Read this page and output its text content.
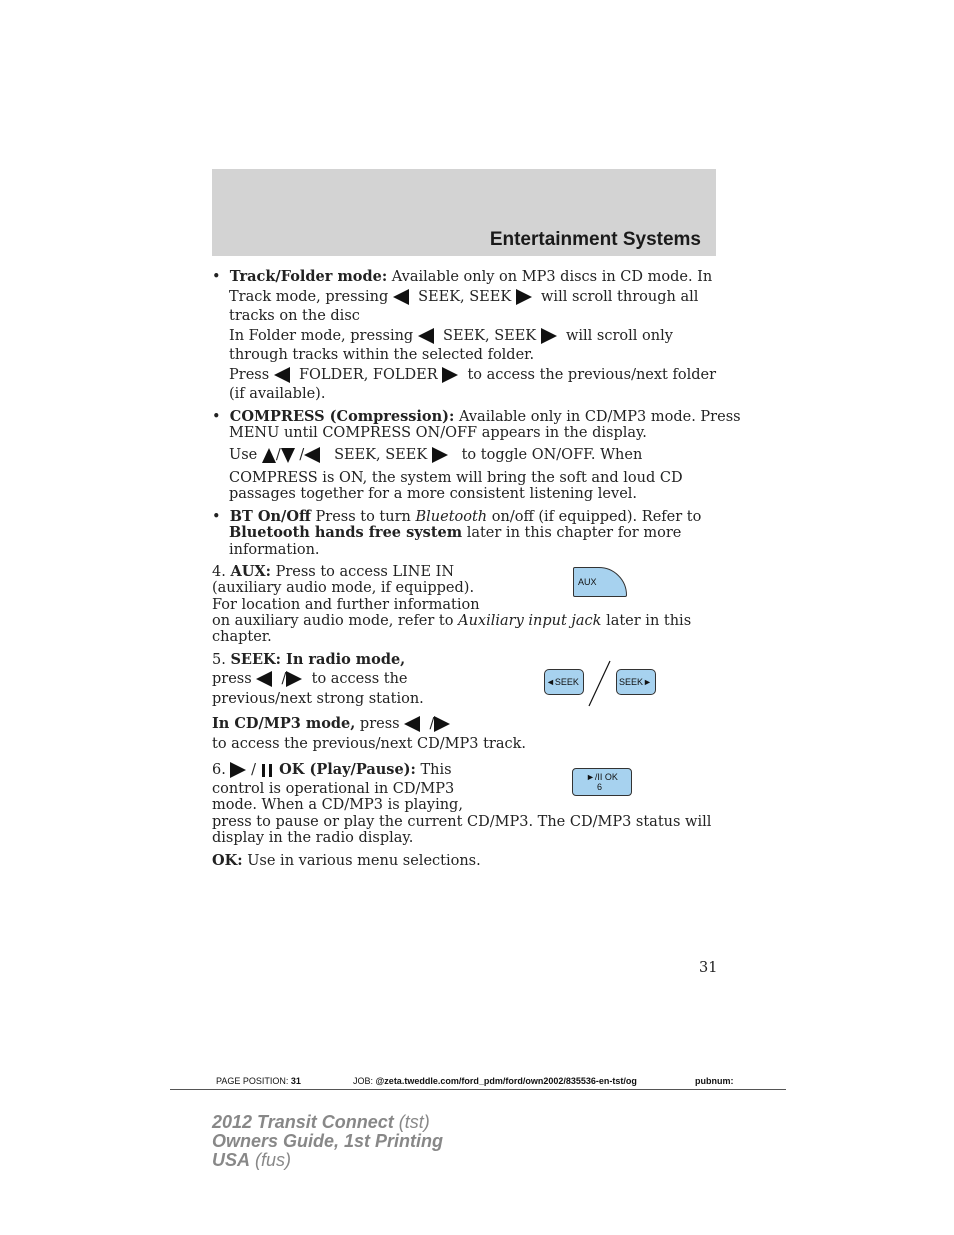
Entertainment Systems
•  Track/Folder mode: Available only on MP3 discs in CD mode. In
Track mode, pressing SEEK, SEEK will scroll through all
tracks on the disc
In Folder mode, pressing SEEK, SEEK will scroll only
through tracks within the selected folder.
Press FOLDER, FOLDER to access the previous/next folder
(if available).
•  COMPRESS (Compression): Available only in CD/MP3 mode. Press
MENU until COMPRESS ON/OFF appears in the display.
Use / / SEEK, SEEK to toggle ON/OFF. When
COMPRESS is ON, the system will bring the soft and loud CD
passages together for a more consistent listening level.
•  BT On/Off Press to turn Bluetooth on/off (if equipped). Refer to
Bluetooth hands free system later in this chapter for more
information.
4. AUX: Press to access LINE IN
(auxiliary audio mode, if equipped).
For location and further information
on auxiliary audio mode, refer to Auxiliary input jack later in this
chapter.
AUX
5. SEEK: In radio mode,
press / to access the
previous/next strong station.
In CD/MP3 mode, press /
to access the previous/next CD/MP3 track.
◄SEEK	SEEK►
6. / OK (Play/Pause): This
control is operational in CD/MP3
mode. When a CD/MP3 is playing,
press to pause or play the current CD/MP3. The CD/MP3 status will
display in the radio display.
OK: Use in various menu selections.
►/II OK
6
31
PAGE POSITION: 31	JOB: @zeta.tweddle.com/ford_pdm/ford/own2002/835536-en-tst/og	pubnum:
2012 Transit Connect (tst)
Owners Guide, 1st Printing
USA (fus)
